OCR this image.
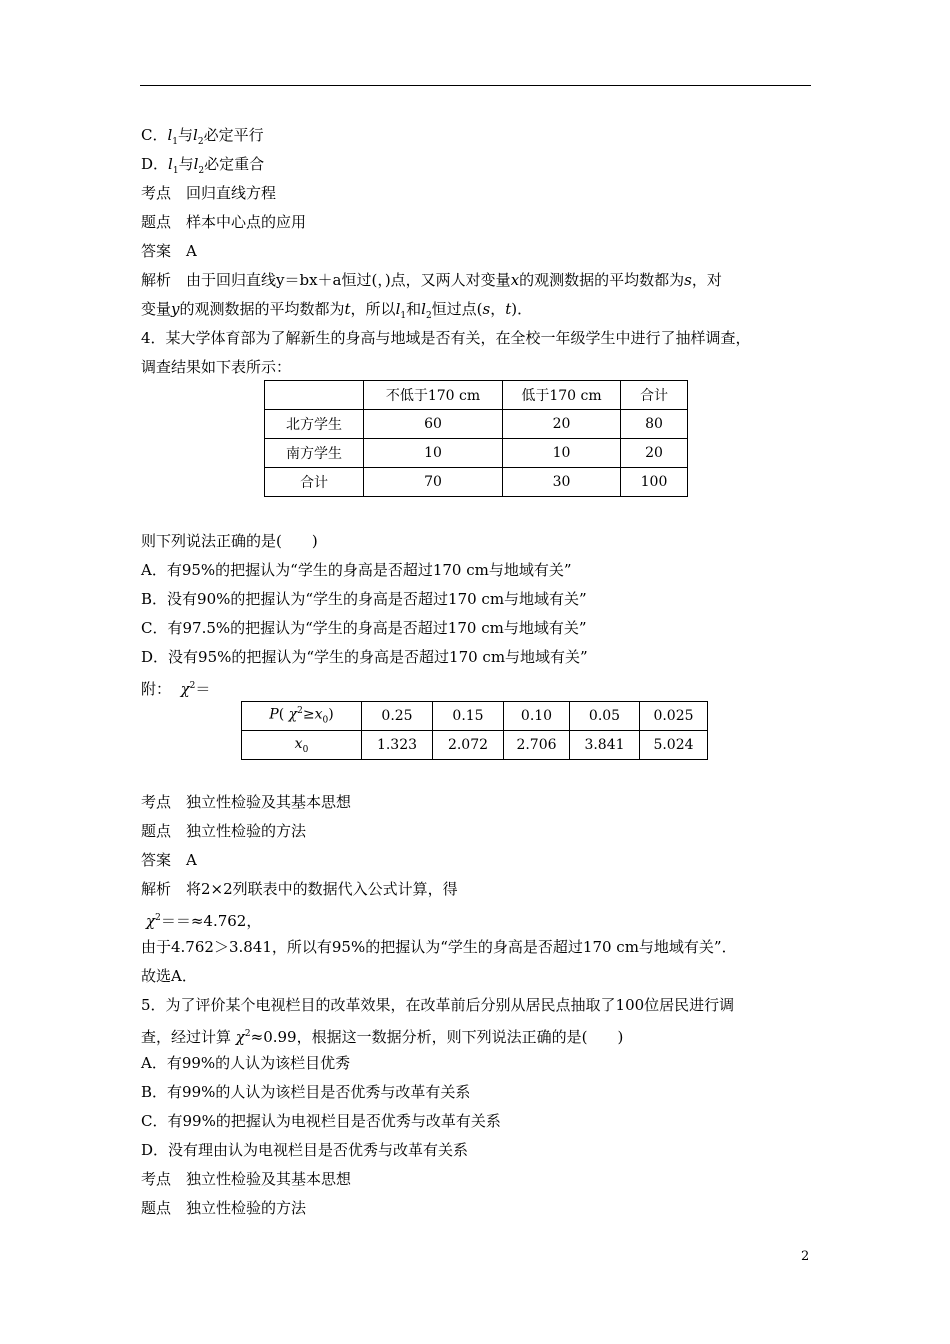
C．$l_1$与$l_2$必定平行
D．$l_1$与$l_2$必定重合
考点　回归直线方程
题点　样本中心点的应用
答案　A
解析　由于回归直线y＝bx＋a恒过(，)点，又两人对变量x的观测数据的平均数都为s，对
变量y的观测数据的平均数都为t，所以$l_1$和$l_2$恒过点(s，t)．
4．某大学体育部为了解新生的身高与地域是否有关，在全校一年级学生中进行了抽样调查，
调查结果如下表所示：
	不低于170 cm	低于170 cm	合计
北方学生	60	20	80
南方学生	10	10	20
合计	70	30	100
则下列说法正确的是(　　)
A．有95%的把握认为“学生的身高是否超过170 cm与地域有关”
B．没有90%的把握认为“学生的身高是否超过170 cm与地域有关”
C．有97.5%的把握认为“学生的身高是否超过170 cm与地域有关”
D．没有95%的把握认为“学生的身高是否超过170 cm与地域有关”
附： $\chi^2=$
P( $\chi^2\ge x_0$)	0.25	0.15	0.10	0.05	0.025
$x_0$	1.323	2.072	2.706	3.841	5.024
考点　独立性检验及其基本思想
题点　独立性检验的方法
答案　A
解析　将2×2列联表中的数据代入公式计算，得
$\chi^2==\approx 4.762$，
由于4.762＞3.841，所以有95%的把握认为“学生的身高是否超过170 cm与地域有关”．
故选A．
5．为了评价某个电视栏目的改革效果，在改革前后分别从居民点抽取了100位居民进行调
查，经过计算 $\chi^2\approx 0.99$，根据这一数据分析，则下列说法正确的是(　　)
A．有99%的人认为该栏目优秀
B．有99%的人认为该栏目是否优秀与改革有关系
C．有99%的把握认为电视栏目是否优秀与改革有关系
D．没有理由认为电视栏目是否优秀与改革有关系
考点　独立性检验及其基本思想
题点　独立性检验的方法
2
